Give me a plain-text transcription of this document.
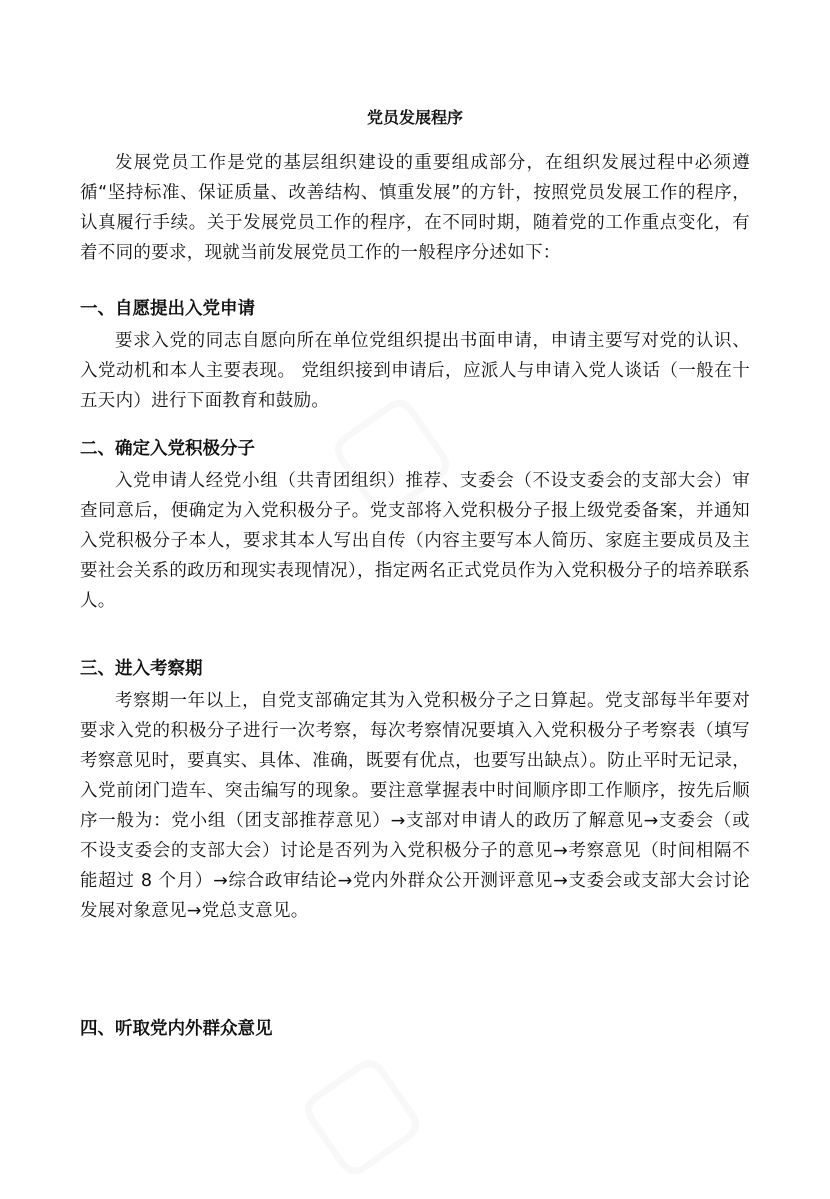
▢
▢
党员发展程序

发展党员工作是党的基层组织建设的重要组成部分，在组织发展过程中必须遵循“坚持标准、保证质量、改善结构、慎重发展”的方针，按照党员发展工作的程序，认真履行手续。关于发展党员工作的程序，在不同时期，随着党的工作重点变化，有着不同的要求，现就当前发展党员工作的一般程序分述如下：

一、自愿提出入党申请

要求入党的同志自愿向所在单位党组织提出书面申请，申请主要写对党的认识、入党动机和本人主要表现。 党组织接到申请后，应派人与申请入党人谈话（一般在十五天内）进行下面教育和鼓励。

二、确定入党积极分子

入党申请人经党小组（共青团组织）推荐、支委会（不设支委会的支部大会）审查同意后，便确定为入党积极分子。党支部将入党积极分子报上级党委备案，并通知入党积极分子本人，要求其本人写出自传（内容主要写本人简历、家庭主要成员及主要社会关系的政历和现实表现情况），指定两名正式党员作为入党积极分子的培养联系人。

三、进入考察期

考察期一年以上，自党支部确定其为入党积极分子之日算起。党支部每半年要对要求入党的积极分子进行一次考察，每次考察情况要填入入党积极分子考察表（填写考察意见时，要真实、具体、准确，既要有优点，也要写出缺点）。防止平时无记录，入党前闭门造车、突击编写的现象。要注意掌握表中时间顺序即工作顺序，按先后顺序一般为：党小组（团支部推荐意见）→支部对申请人的政历了解意见→支委会（或不设支委会的支部大会）讨论是否列为入党积极分子的意见→考察意见（时间相隔不能超过 8 个月）→综合政审结论→党内外群众公开测评意见→支委会或支部大会讨论发展对象意见→党总支意见。

四、听取党内外群众意见
